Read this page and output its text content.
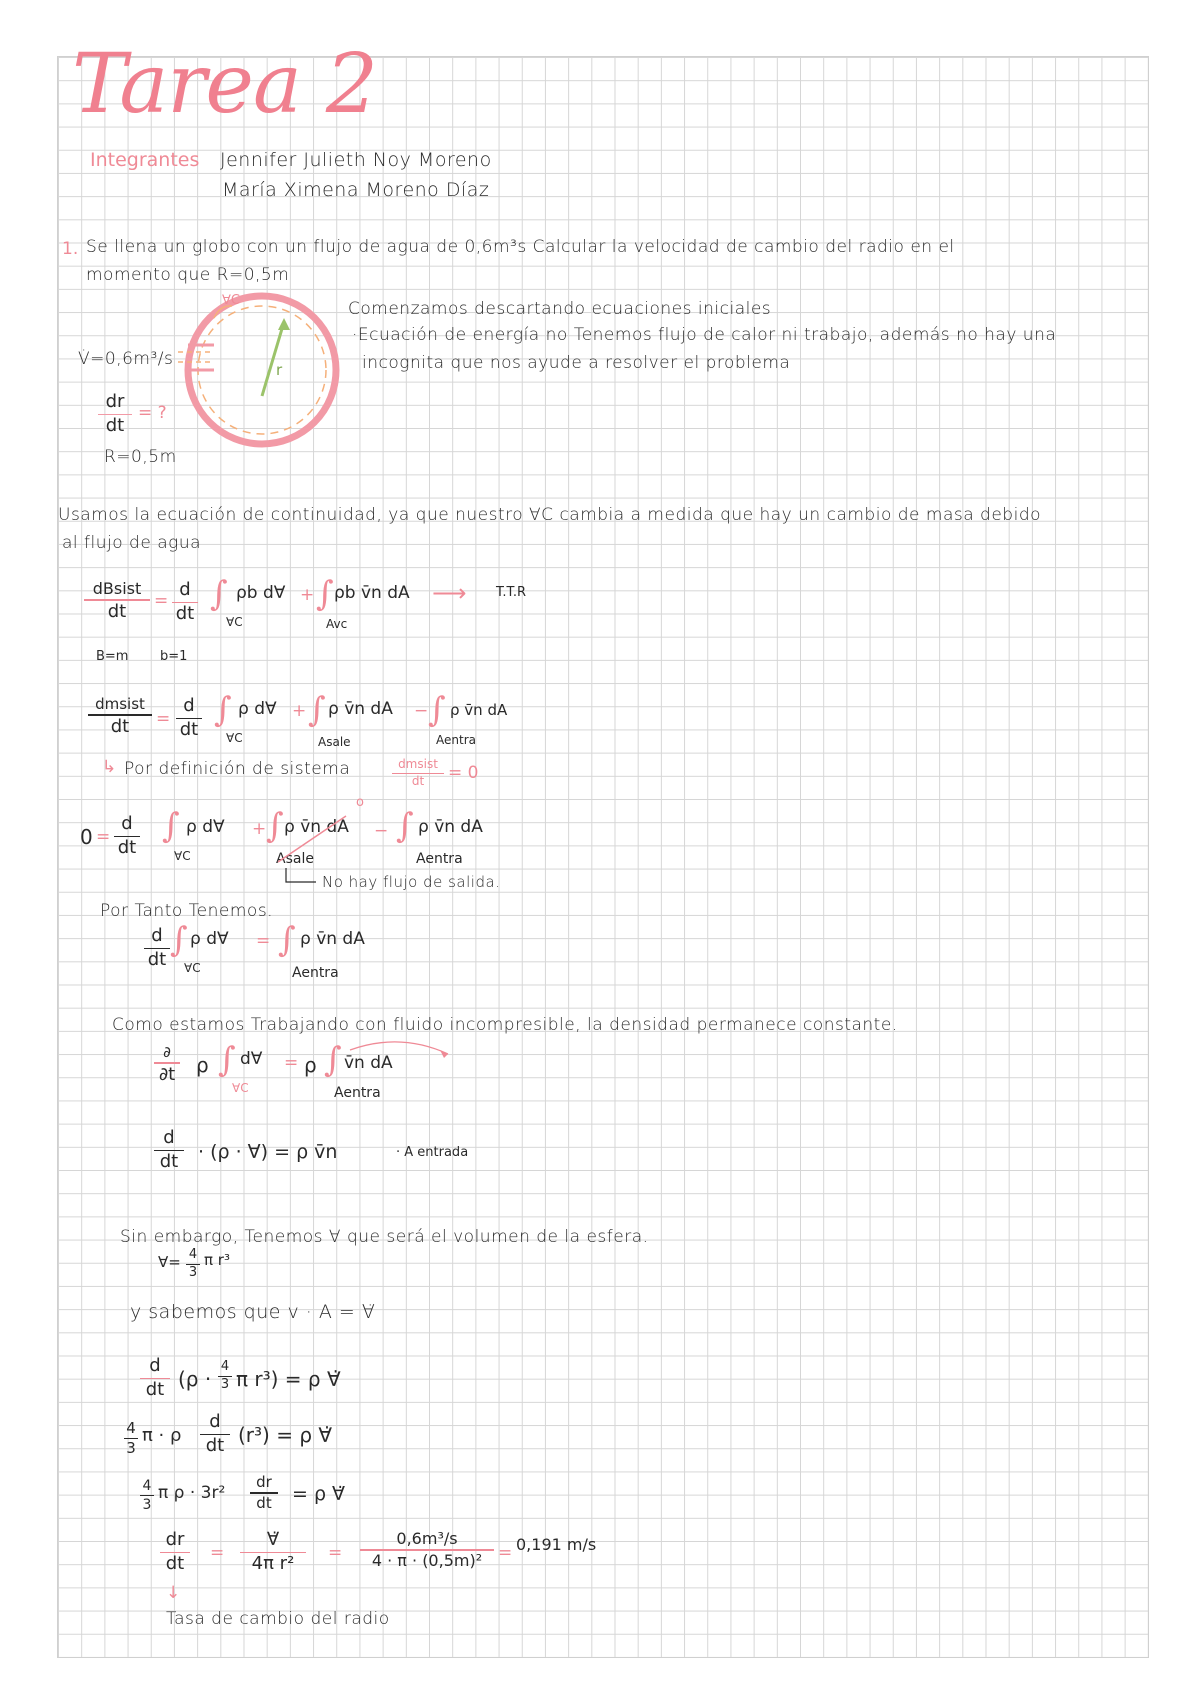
Tarea 2
Integrantes Jennifer Julieth Noy Moreno
María Ximena Moreno Díaz
1. Se llena un globo con un flujo de agua de 0,6m³s Calcular la velocidad de cambio del radio en el
momento que R=0,5m
∀C
r
V̇=0,6m³/s
dr
dt
= ?
R=0,5m
Comenzamos descartando ecuaciones iniciales
·Ecuación de energía no Tenemos flujo de calor ni trabajo, además no hay una
incognita que nos ayude a resolver el problema
Usamos la ecuación de continuidad, ya que nuestro ∀C cambia a medida que hay un cambio de masa debido
al flujo de agua
dBsist
dt	=
d
dt ∫ ρb d∀
∀C
+ ∫ ρb v̄n dA
Avc
⟶ T.T.R
B=m b=1
dmsist
dt	=
d
dt ∫ ρ d∀
∀C
+ ∫ ρ v̄n dA
Asale
− ∫ ρ v̄n dA
Aentra
↳ Por definición de sistema	dmsist
dt	= 0
0 =
d
dt
∫ ρ d∀
∀C
+ ∫ ρ v̄n dA
Asale
o
− ∫ ρ v̄n dA
Aentra
No hay flujo de salida.
Por Tanto Tenemos.
d
dt ∫ ρ d∀
∀C
= ∫ ρ v̄n dA
Aentra
Como estamos Trabajando con fluido incompresible, la densidad permanece constante.
∂
∂t ρ ∫ d∀
∀C
= ρ ∫ v̄n dA
Aentra
d
dt	· (ρ · ∀) = ρ v̄n	· A entrada
Sin embargo, Tenemos ∀ que será el volumen de la esfera.
∀= 4
3
π r³
y sabemos que v · A = ∀̇
d
dt (ρ ·
4
3 π r³) = ρ ∀̇
4
3
π · ρ
d
dt (r³) = ρ ∀̇
4
3
π ρ · 3r²
dr
dt	= ρ ∀̇
dr
dt
=
∀̇
4π r²
=
0,6m³/s
4 · π · (0,5m)² = 0,191 m/s
↓
Tasa de cambio del radio
